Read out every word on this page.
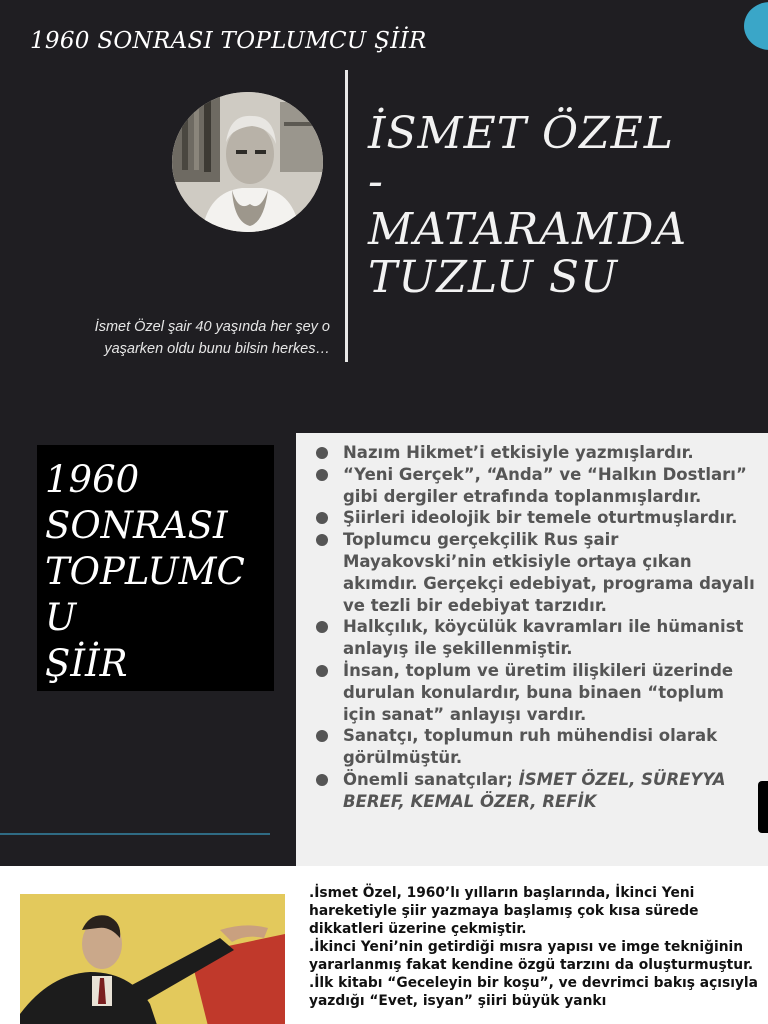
1960 SONRASI TOPLUMCU ŞİİR
İSMET ÖZEL
-
MATARAMDA
TUZLU SU
İsmet Özel şair 40 yaşında her şey o
yaşarken oldu bunu bilsin herkes…
1960
SONRASI
TOPLUMC
U
ŞİİR
Nazım Hikmet’i etkisiyle yazmışlardır.
“Yeni Gerçek”, “Anda” ve “Halkın Dostları” gibi dergiler etrafında toplanmışlardır.
Şiirleri ideolojik bir temele oturtmuşlardır.
Toplumcu gerçekçilik Rus şair Mayakovski’nin etkisiyle ortaya çıkan akımdır. Gerçekçi edebiyat, programa dayalı ve tezli bir edebiyat tarzıdır.
Halkçılık, köycülük kavramları ile hümanist anlayış ile şekillenmiştir.
İnsan, toplum ve üretim ilişkileri üzerinde durulan konulardır, buna binaen “toplum için sanat” anlayışı vardır.
Sanatçı, toplumun ruh mühendisi olarak görülmüştür.
Önemli sanatçılar; İSMET ÖZEL, SÜREYYA BEREF, KEMAL ÖZER, REFİK

.İsmet Özel, 1960’lı yılların başlarında, İkinci Yeni hareketiyle şiir yazmaya başlamış çok kısa sürede dikkatleri üzerine çekmiştir.

.İkinci Yeni’nin getirdiği mısra yapısı ve imge tekniğinin yararlanmış fakat kendine özgü tarzını da oluşturmuştur.

.İlk kitabı “Geceleyin bir koşu”, ve devrimci bakış açısıyla yazdığı “Evet, isyan” şiiri büyük yankı
